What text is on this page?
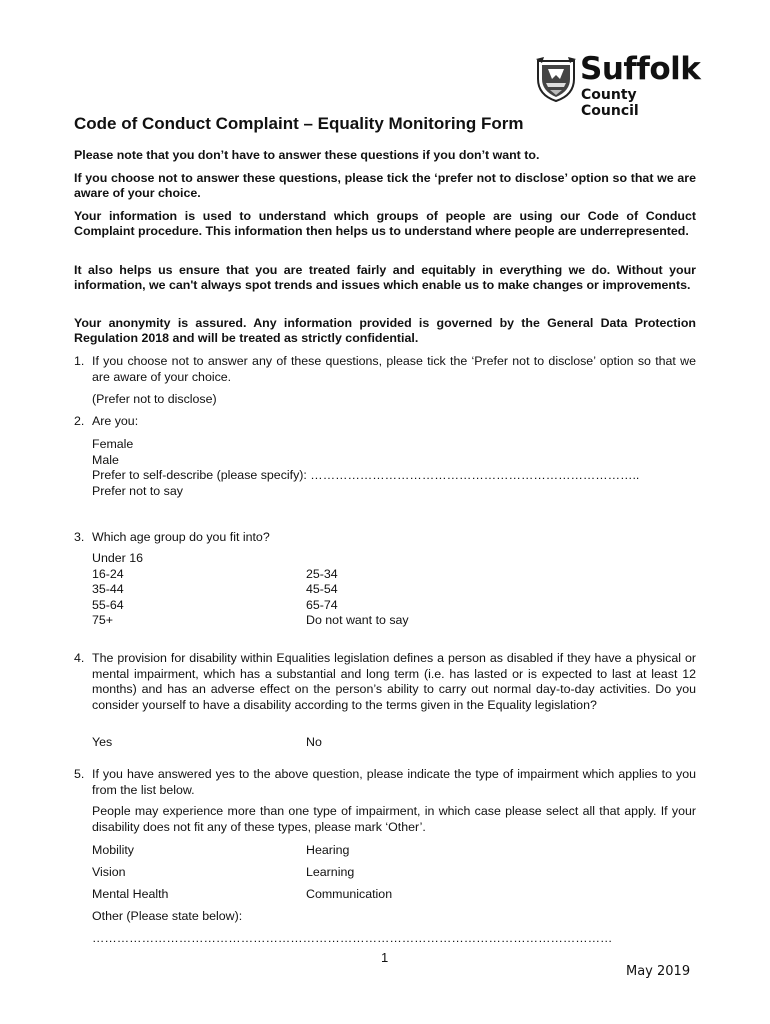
Suffolk
County Council
Code of Conduct Complaint – Equality Monitoring Form
Please note that you don’t have to answer these questions if you don’t want to.
If you choose not to answer these questions, please tick the ‘prefer not to disclose’ option so that we are aware of your choice.
Your information is used to understand which groups of people are using our Code of Conduct Complaint procedure. This information then helps us to understand where people are underrepresented.
It also helps us ensure that you are treated fairly and equitably in everything we do. Without your information, we can't always spot trends and issues which enable us to make changes or improvements.
Your anonymity is assured. Any information provided is governed by the General Data Protection Regulation 2018 and will be treated as strictly confidential.
1. If you choose not to answer any of these questions, please tick the ‘Prefer not to disclose’ option so that we are aware of your choice.
(Prefer not to disclose)
2. Are you:
Female
Male
Prefer to self-describe (please specify): ……………………………………………………………………..
Prefer not to say
3. Which age group do you fit into?
Under 16
16-24
35-44
55-64
75+
25-34
45-54
65-74
Do not want to say
4. The provision for disability within Equalities legislation defines a person as disabled if they have a physical or mental impairment, which has a substantial and long term (i.e. has lasted or is expected to last at least 12 months) and has an adverse effect on the person’s ability to carry out normal day-to-day activities. Do you consider yourself to have a disability according to the terms given in the Equality legislation?
Yes	No
5. If you have answered yes to the above question, please indicate the type of impairment which applies to you from the list below.
People may experience more than one type of impairment, in which case please select all that apply. If your disability does not fit any of these types, please mark ‘Other’.
Mobility
Vision
Mental Health
Hearing
Learning
Communication
Other (Please state below):
………………………………………………………………………………………………………………
1
May 2019
